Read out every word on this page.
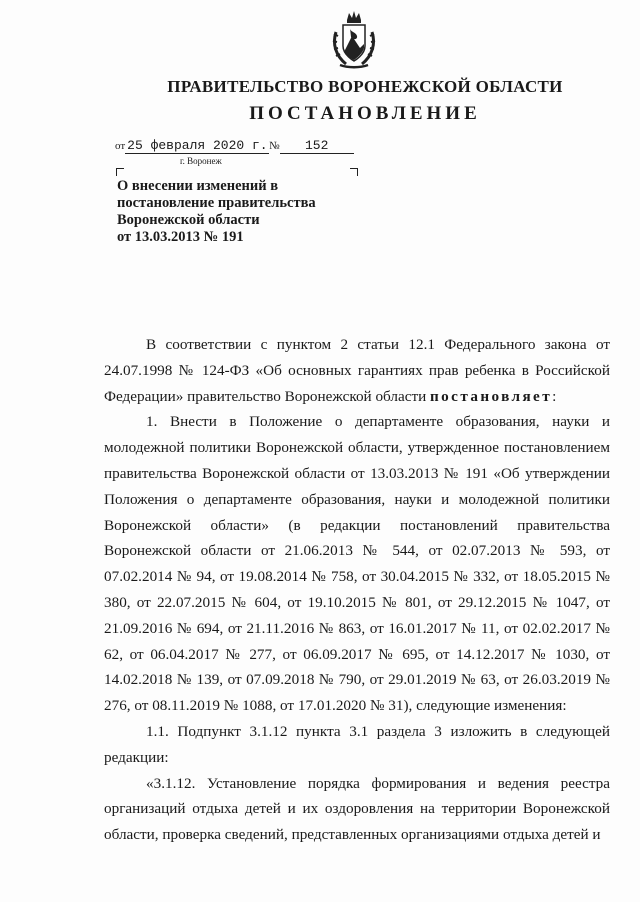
ПРАВИТЕЛЬСТВО ВОРОНЕЖСКОЙ ОБЛАСТИ
ПОСТАНОВЛЕНИЕ
от 25 февраля 2020 г. № 152
г. Воронеж
О внесении изменений в
постановление правительства
Воронежской области
от 13.03.2013 № 191

В соответствии с пунктом 2 статьи 12.1 Федерального закона от 24.07.1998 № 124-ФЗ «Об основных гарантиях прав ребенка в Российской Федерации» правительство Воронежской области постановляет:

1. Внести в Положение о департаменте образования, науки и молодежной политики Воронежской области, утвержденное постановлением правительства Воронежской области от 13.03.2013 № 191 «Об утверждении Положения о департаменте образования, науки и молодежной политики Воронежской области» (в редакции постановлений правительства Воронежской области от 21.06.2013 № 544, от 02.07.2013 № 593, от 07.02.2014 № 94, от 19.08.2014 № 758, от 30.04.2015 № 332, от 18.05.2015 № 380, от 22.07.2015 № 604, от 19.10.2015 № 801, от 29.12.2015 № 1047, от 21.09.2016 № 694, от 21.11.2016 № 863, от 16.01.2017 № 11, от 02.02.2017 № 62, от 06.04.2017 № 277, от 06.09.2017 № 695, от 14.12.2017 № 1030, от 14.02.2018 № 139, от 07.09.2018 № 790, от 29.01.2019 № 63, от 26.03.2019 № 276, от 08.11.2019 № 1088, от 17.01.2020 № 31), следующие изменения:

1.1. Подпункт 3.1.12 пункта 3.1 раздела 3 изложить в следующей редакции:

«3.1.12. Установление порядка формирования и ведения реестра организаций отдыха детей и их оздоровления на территории Воронежской области, проверка сведений, представленных организациями отдыха детей и
